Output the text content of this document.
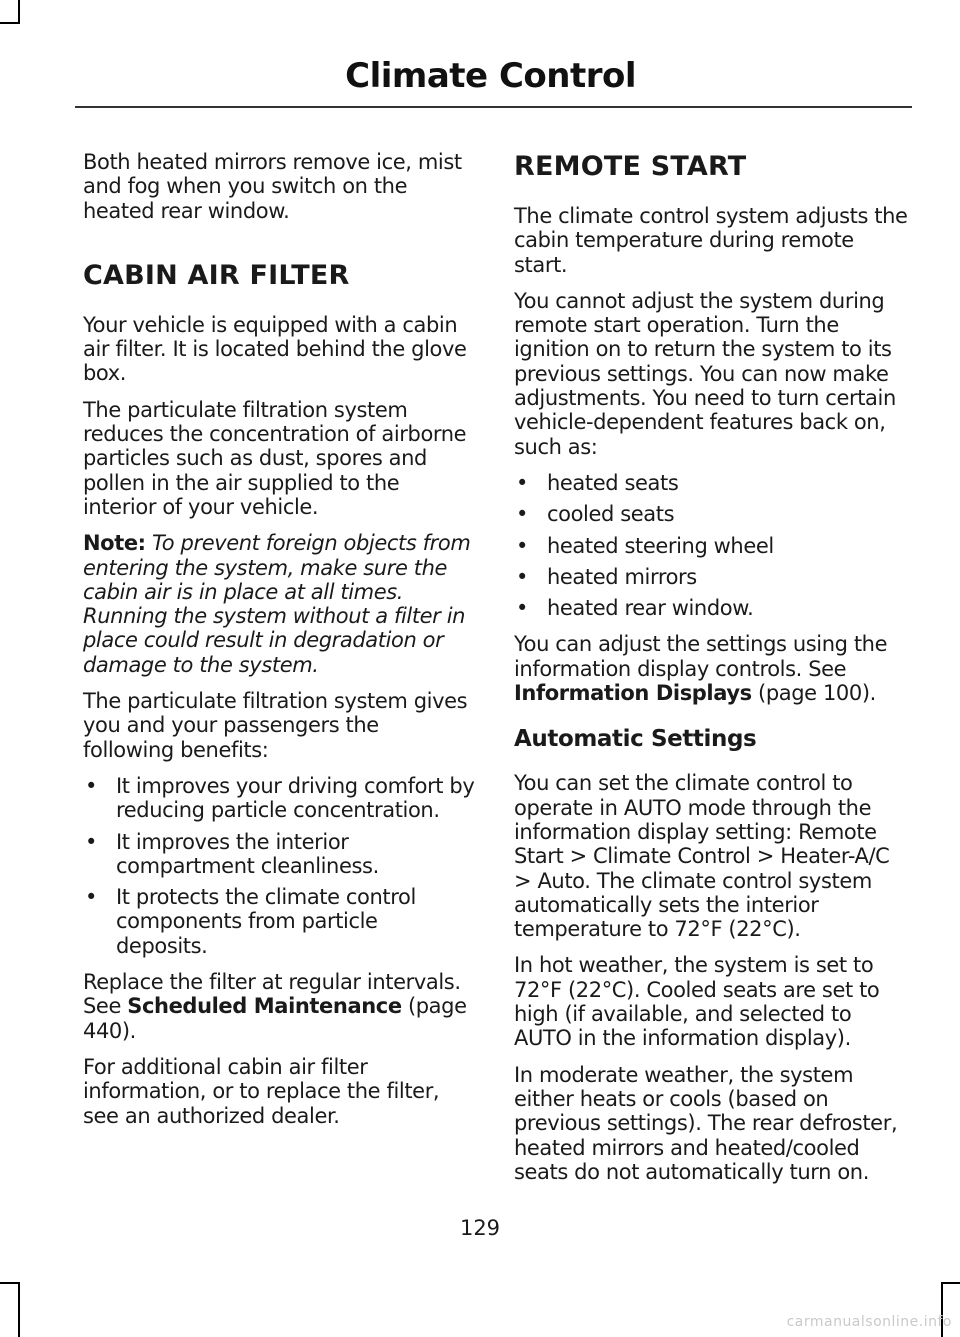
Climate Control

Both heated mirrors remove ice, mist and fog when you switch on the heated rear window.

CABIN AIR FILTER

Your vehicle is equipped with a cabin air filter. It is located behind the glove box.

The particulate filtration system reduces the concentration of airborne particles such as dust, spores and pollen in the air supplied to the interior of your vehicle.

Note: To prevent foreign objects from entering the system, make sure the cabin air is in place at all times. Running the system without a filter in place could result in degradation or damage to the system.

The particulate filtration system gives you and your passengers the following benefits:

• It improves your driving comfort by reducing particle concentration.
• It improves the interior compartment cleanliness.
• It protects the climate control components from particle deposits.

Replace the filter at regular intervals. See Scheduled Maintenance (page 440).

For additional cabin air filter information, or to replace the filter, see an authorized dealer.

REMOTE START

The climate control system adjusts the cabin temperature during remote start.

You cannot adjust the system during remote start operation. Turn the ignition on to return the system to its previous settings. You can now make adjustments. You need to turn certain vehicle-dependent features back on, such as:

• heated seats
• cooled seats
• heated steering wheel
• heated mirrors
• heated rear window.

You can adjust the settings using the information display controls. See Information Displays (page 100).

Automatic Settings

You can set the climate control to operate in AUTO mode through the information display setting: Remote Start > Climate Control > Heater-A/C > Auto. The climate control system automatically sets the interior temperature to 72°F (22°C).

In hot weather, the system is set to 72°F (22°C). Cooled seats are set to high (if available, and selected to AUTO in the information display).

In moderate weather, the system either heats or cools (based on previous settings). The rear defroster, heated mirrors and heated/cooled seats do not automatically turn on.

129
carmanualsonline.info
